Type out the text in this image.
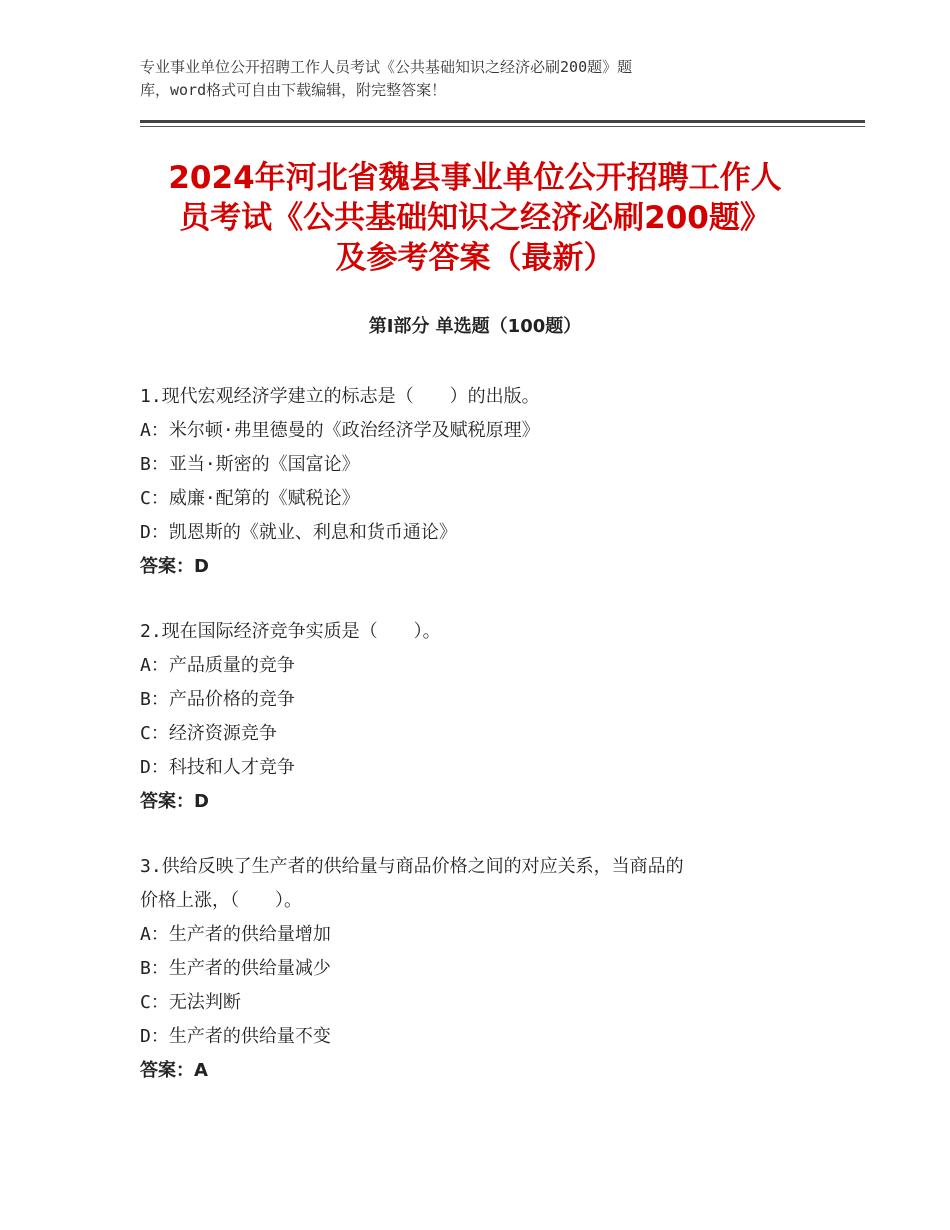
专业事业单位公开招聘工作人员考试《公共基础知识之经济必刷200题》题
库，word格式可自由下载编辑，附完整答案！
2024年河北省魏县事业单位公开招聘工作人
员考试《公共基础知识之经济必刷200题》
及参考答案（最新）
第Ⅰ部分 单选题（100题）
1.现代宏观经济学建立的标志是（　　）的出版。
A：米尔顿·弗里德曼的《政治经济学及赋税原理》
B：亚当·斯密的《国富论》
C：威廉·配第的《赋税论》
D：凯恩斯的《就业、利息和货币通论》
答案：D
2.现在国际经济竞争实质是（　　）。
A：产品质量的竞争
B：产品价格的竞争
C：经济资源竞争
D：科技和人才竞争
答案：D
3.供给反映了生产者的供给量与商品价格之间的对应关系，当商品的
价格上涨，（　　）。
A：生产者的供给量增加
B：生产者的供给量减少
C：无法判断
D：生产者的供给量不变
答案：A
